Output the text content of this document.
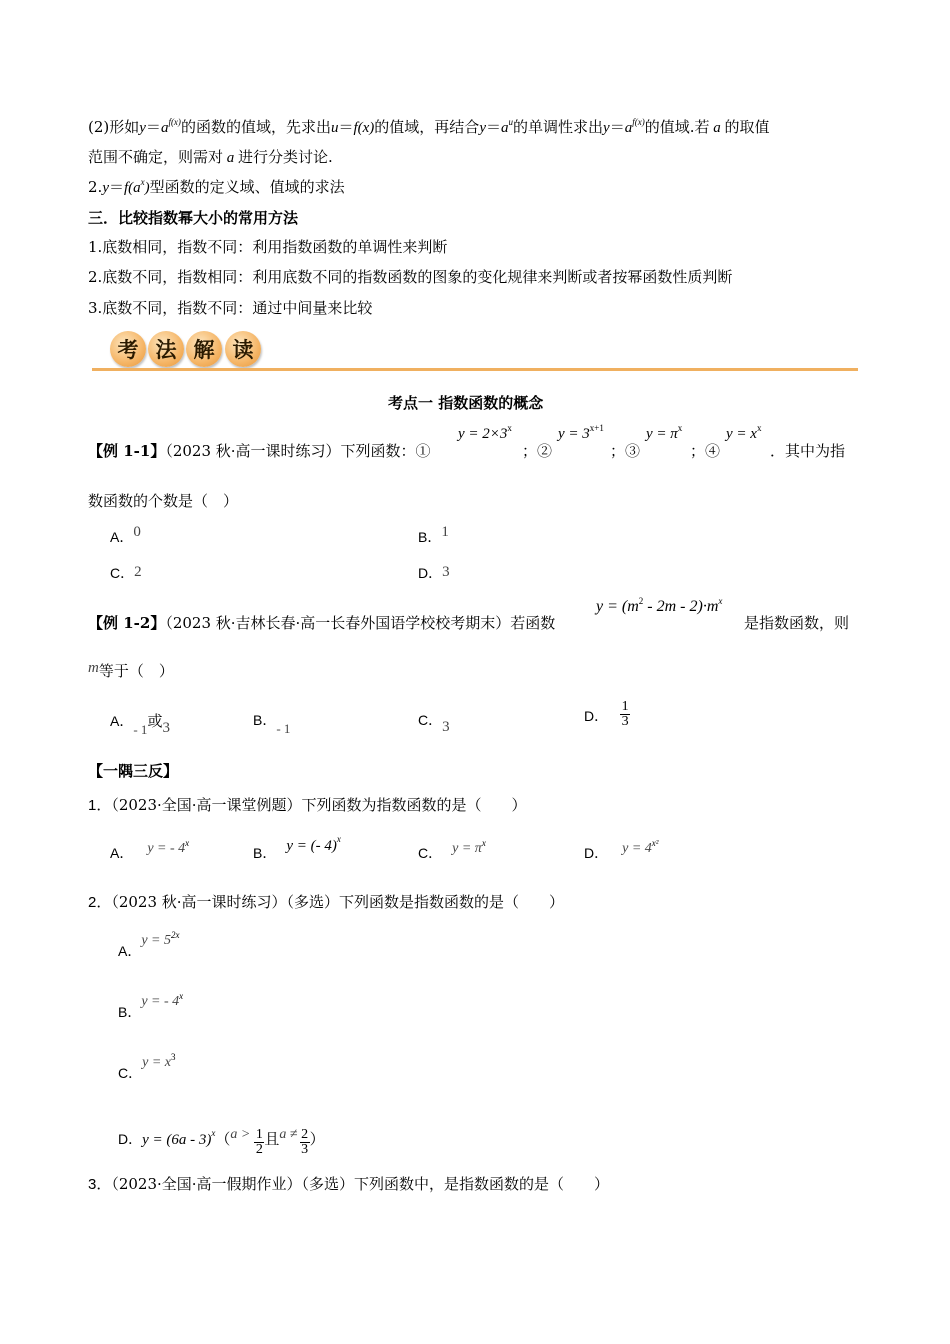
(2)形如$y=a^{f(x)}$的函数的值域，先求出u＝f(x)的值域，再结合$y=a^u$的单调性求出$y=a^{f(x)}$的值域.若 a 的取值
范围不确定，则需对 a 进行分类讨论.
$2.y=f(a^x)$型函数的定义域、值域的求法
三．比较指数幂大小的常用方法
1.底数相同，指数不同：利用指数函数的单调性来判断
2.底数不同，指数相同：利用底数不同的指数函数的图象的变化规律来判断或者按幂函数性质判断
3.底数不同，指数不同：通过中间量来比较
考 法 解 读
考点一 指数函数的概念
【例 1-1】（2023 秋·高一课时练习）下列函数：①
$y = 2\times 3^x$
；②
$y = 3^{x+1}$
；③
$y = \pi^x$
；④
$y = x^x$
．其中为指
数函数的个数是（　）
A．0	B．1
C．2	D．3
【例 1-2】（2023 秋·吉林长春·高一长春外国语学校校考期末）若函数
$y = (m^2 - 2m - 2)\cdot m^x$
是指数函数，则
m等于（　）
A．- 1或3	B．- 1
C．3
D． $\frac{1}{3}$
【一隅三反】
1．（2023·全国·高一课堂例题）下列函数为指数函数的是（　　）
A． y = - 4$^x$
B． y = (- 4)$^x$
C． $y = \pi^x$
D． $y = 4^{x^2}$
2．（2023 秋·高一课时练习）（多选）下列函数是指数函数的是（　　）
A．$y = 5^{2x}$
B．y = - 4$^x$
C．$y = x^3$
D． y = (6a - 3) x （ $a > \frac{1}{2}$ 且 $a \ne \frac{2}{3}$ ）
3．（2023·全国·高一假期作业）（多选）下列函数中，是指数函数的是（　　）
